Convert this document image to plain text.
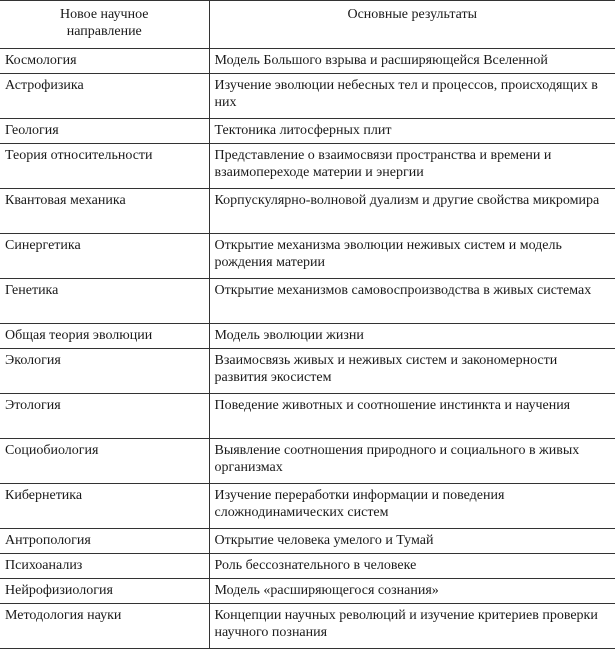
Новое научное
направление	Основные результаты
Космология	Модель Большого взрыва и расширяющейся Вселенной
Астрофизика	Изучение эволюции небесных тел и процессов, происходящих в них
Геология	Тектоника литосферных плит
Теория относительности	Представление о взаимосвязи пространства и времени и взаимопереходе материи и энергии
Квантовая механика	Корпускулярно-волновой дуализм и другие свойства микромира
Синергетика	Открытие механизма эволюции неживых систем и модель рождения материи
Генетика	Открытие механизмов самовоспроизводства в живых системах
Общая теория эволюции	Модель эволюции жизни
Экология	Взаимосвязь живых и неживых систем и закономерности развития экосистем
Этология	Поведение животных и соотношение инстинкта и научения
Социобиология	Выявление соотношения природного и социального в живых организмах
Кибернетика	Изучение переработки информации и поведения сложнодинамических систем
Антропология	Открытие человека умелого и Тумай
Психоанализ	Роль бессознательного в человеке
Нейрофизиология	Модель «расширяющегося сознания»
Методология науки	Концепции научных революций и изучение критериев проверки научного познания
